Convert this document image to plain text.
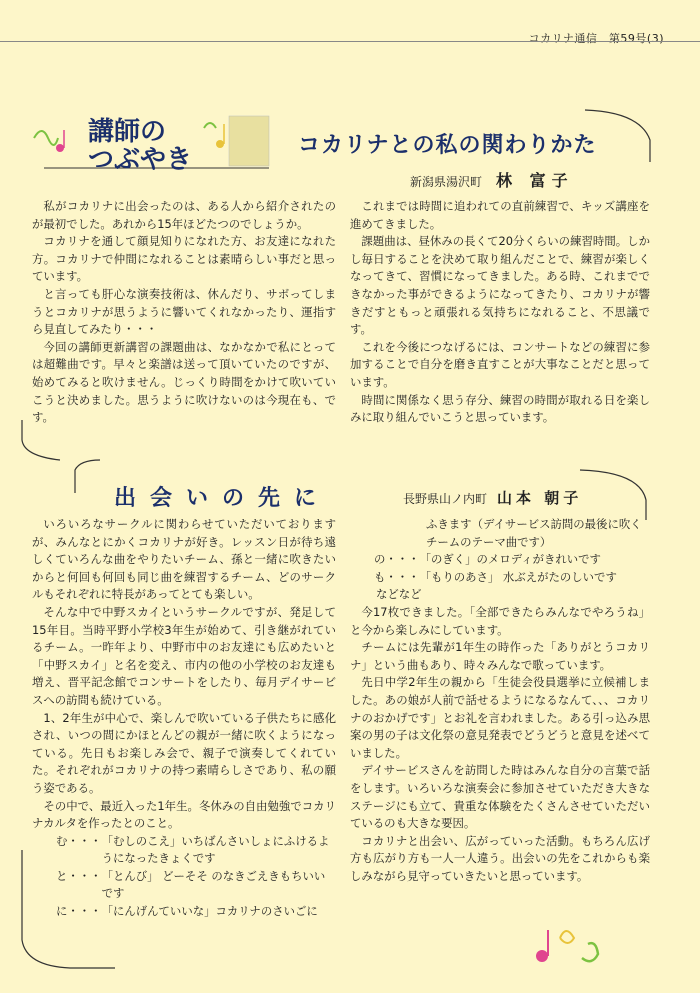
コカリナ通信　第59号(3)
講師の
つぶやき	コカリナとの私の関わりかた
新潟県湯沢町 林 富子

私がコカリナに出会ったのは、ある人から紹介されたのが最初でした。あれから15年ほどたつのでしょうか。

コカリナを通して顔見知りになれた方、お友達になれた方。コカリナで仲間になれることは素晴らしい事だと思っています。

と言っても肝心な演奏技術は、休んだり、サボってしまうとコカリナが思うように響いてくれなかったり、運指すら見直してみたり・・・

今回の講師更新講習の課題曲は、なかなかで私にとっては超難曲です。早々と楽譜は送って頂いていたのですが、始めてみると吹けません。じっくり時間をかけて吹いていこうと決めました。思うように吹けないのは今現在も、です。

これまでは時間に追われての直前練習で、キッズ講座を進めてきました。

課題曲は、昼休みの長くて20分くらいの練習時間。しかし毎日することを決めて取り組んだことで、練習が楽しくなってきて、習慣になってきました。ある時、これまでできなかった事ができるようになってきたり、コカリナが響きだすともっと頑張れる気持ちになれること、不思議です。

これを今後につなげるには、コンサートなどの練習に参加することで自分を磨き直すことが大事なことだと思っています。

時間に関係なく思う存分、練習の時間が取れる日を楽しみに取り組んでいこうと思っています。

出会いの先に	長野県山ノ内町 山本 朝子

いろいろなサークルに関わらせていただいておりますが、みんなとにかくコカリナが好き。レッスン日が待ち遠しくていろんな曲をやりたいチーム、孫と一緒に吹きたいからと何回も何回も同じ曲を練習するチーム、どのサークルもそれぞれに特長があってとても楽しい。

そんな中で中野スカイというサークルですが、発足して15年目。当時平野小学校3年生が始めて、引き継がれているチーム。一昨年より、中野市中のお友達にも広めたいと「中野スカイ」と名を変え、市内の他の小学校のお友達も増え、晋平記念館でコンサートをしたり、毎月デイサービスへの訪問も続けている。

1、2年生が中心で、楽しんで吹いている子供たちに感化され、いつの間にかほとんどの親が一緒に吹くようになっている。先日もお楽しみ会で、親子で演奏してくれていた。それぞれがコカリナの持つ素晴らしさであり、私の願う姿である。

その中で、最近入った1年生。冬休みの自由勉強でコカリナカルタを作ったとのこと。

む・・・ 「むしのこえ」いちばんさいしょにふけるようになったきょくです
と・・・ 「とんび」 どーそそ のなきごえきもちいいです
に・・・ 「にんげんていいな」コカリナのさいごに
ふきます（デイサービス訪問の最後に吹くチームのテーマ曲です）
の・・・ 「のぎく」のメロディがきれいです
も・・・ 「もりのあさ」 水ぶえがたのしいです
などなど

今17枚できました。「全部できたらみんなでやろうね」と今から楽しみにしています。

チームには先輩が1年生の時作った「ありがとうコカリナ」という曲もあり、時々みんなで歌っています。

先日中学2年生の親から「生徒会役員選挙に立候補しました。あの娘が人前で話せるようになるなんて、、、コカリナのおかげです」とお礼を言われました。ある引っ込み思案の男の子は文化祭の意見発表でどうどうと意見を述べていました。

デイサービスさんを訪問した時はみんな自分の言葉で話をします。いろいろな演奏会に参加させていただき大きなステージにも立て、貴重な体験をたくさんさせていただいているのも大きな要因。

コカリナと出会い、広がっていった活動。もちろん広げ方も広がり方も一人一人違う。出会いの先をこれからも楽しみながら見守っていきたいと思っています。
